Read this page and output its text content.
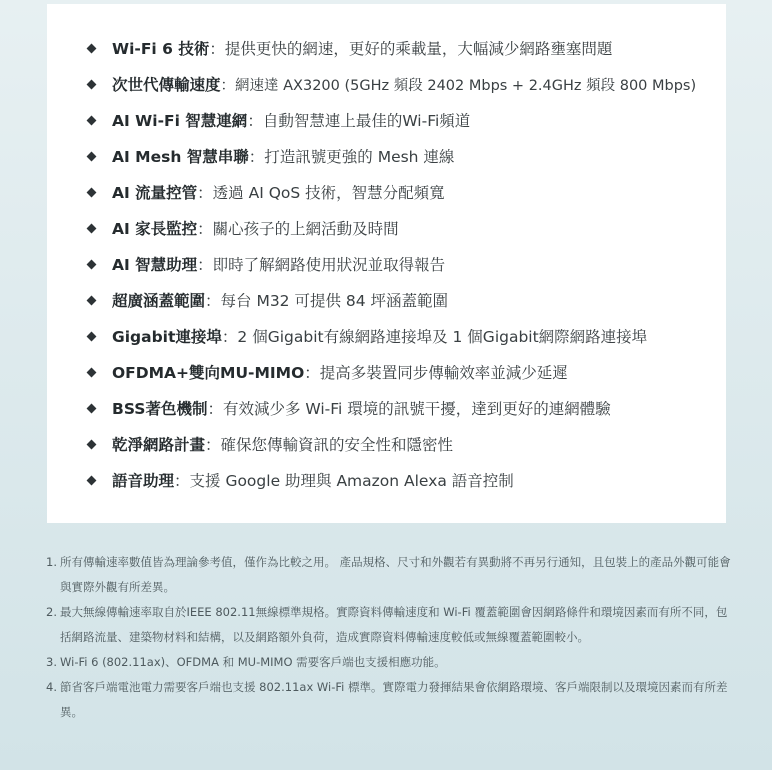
Wi-Fi 6 技術 ：提供更快的網速，更好的乘載量，大幅減少網路壅塞問題
次世代傳輸速度 ：網速達 AX3200 (5GHz 頻段 2402 Mbps + 2.4GHz 頻段 800 Mbps)
AI Wi-Fi 智慧連網 ：自動智慧連上最佳的Wi-Fi頻道
AI Mesh 智慧串聯 ：打造訊號更強的 Mesh 連線
AI 流量控管 ：透過 AI QoS 技術，智慧分配頻寬
AI 家長監控 ：關心孩子的上網活動及時間
AI 智慧助理 ：即時了解網路使用狀況並取得報告
超廣涵蓋範圍 ：每台 M32 可提供 84 坪涵蓋範圍
Gigabit連接埠 ：2 個Gigabit有線網路連接埠及 1 個Gigabit網際網路連接埠
OFDMA+雙向MU-MIMO ：提高多裝置同步傳輸效率並減少延遲
BSS著色機制 ：有效減少多 Wi-Fi 環境的訊號干擾，達到更好的連網體驗
乾淨網路計畫 ：確保您傳輸資訊的安全性和隱密性
語音助理 ：支援 Google 助理與 Amazon Alexa 語音控制
1. 所有傳輸速率數值皆為理論參考值，僅作為比較之用。 產品規格、尺寸和外觀若有異動將不再另行通知，且包裝上的產品外觀可能會與實際外觀有所差異。
2. 最大無線傳輸速率取自於IEEE 802.11無線標準規格。實際資料傳輸速度和 Wi-Fi 覆蓋範圍會因網路條件和環境因素而有所不同，包括網路流量、建築物材料和結構，以及網路額外負荷，造成實際資料傳輸速度較低或無線覆蓋範圍較小。
3. Wi-Fi 6 (802.11ax)、OFDMA 和 MU-MIMO 需要客戶端也支援相應功能。
4. 節省客戶端電池電力需要客戶端也支援 802.11ax Wi-Fi 標準。實際電力發揮結果會依網路環境、客戶端限制以及環境因素而有所差異。
